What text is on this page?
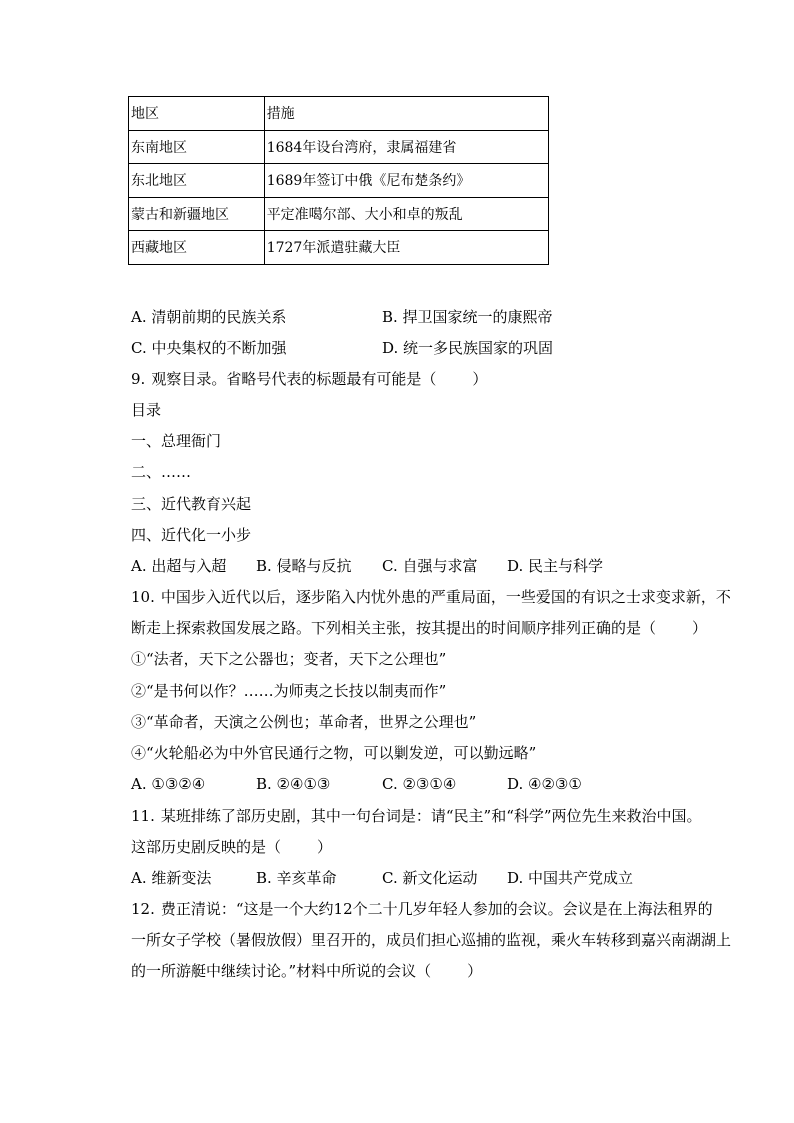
地区	措施
东南地区	1684年设台湾府，隶属福建省
东北地区	1689年签订中俄《尼布楚条约》
蒙古和新疆地区	平定准噶尔部、大小和卓的叛乱
西藏地区	1727年派遣驻藏大臣
A. 清朝前期的民族关系	B. 捍卫国家统一的康熙帝
C. 中央集权的不断加强	D. 统一多民族国家的巩固
9. 观察目录。省略号代表的标题最有可能是（ ）
目录
一、总理衙门
二、……
三、近代教育兴起
四、近代化一小步
A. 出超与入超 B. 侵略与反抗 C. 自强与求富 D. 民主与科学
10. 中国步入近代以后，逐步陷入内忧外患的严重局面，一些爱国的有识之士求变求新，不
断走上探索救国发展之路。下列相关主张，按其提出的时间顺序排列正确的是（ ）
①“法者，天下之公器也；变者，天下之公理也”
②“是书何以作？……为师夷之长技以制夷而作”
③“革命者，天演之公例也；革命者，世界之公理也”
④“火轮船必为中外官民通行之物，可以剿发逆，可以勤远略”
A. ①③②④	B. ②④①③	C. ②③①④	D. ④②③①
11. 某班排练了部历史剧，其中一句台词是：请“民主”和“科学”两位先生来救治中国。
这部历史剧反映的是（ ）
A. 维新变法	B. 辛亥革命	C. 新文化运动 D. 中国共产党成立
12. 费正清说：“这是一个大约12个二十几岁年轻人参加的会议。会议是在上海法租界的
一所女子学校（暑假放假）里召开的，成员们担心巡捕的监视，乘火车转移到嘉兴南湖湖上
的一所游艇中继续讨论。”材料中所说的会议（ ）
